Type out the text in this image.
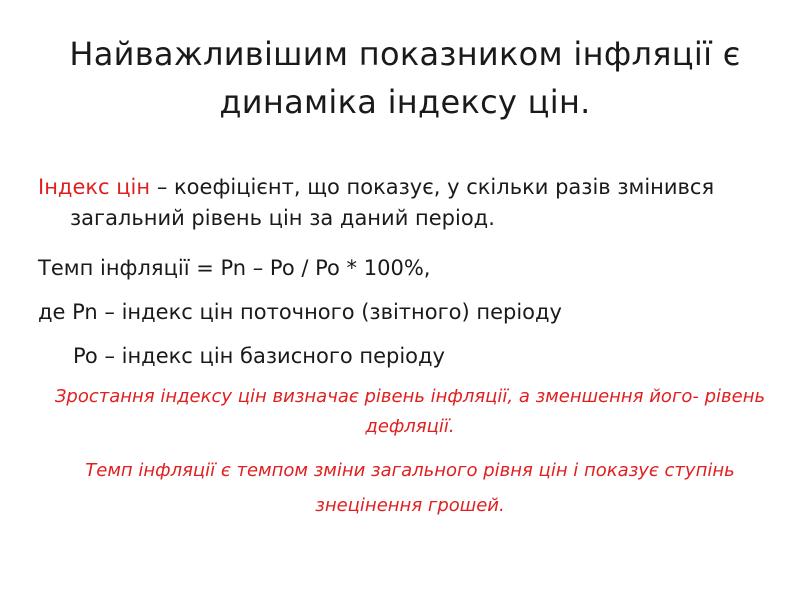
Найважливішим показником інфляції є динаміка індексу цін.

Індекс цін – коефіцієнт, що показує, у скільки разів змінився загальний рівень цін за даний період.

Темп інфляції = Pn – Po / Po * 100%,

де Pn – індекс цін поточного (звітного) періоду

Po – індекс цін базисного періоду

Зростання індексу цін визначає рівень інфляції, а зменшення його- рівень дефляції.

Темп інфляції є темпом зміни загального рівня цін і показує ступінь знецінення грошей.
